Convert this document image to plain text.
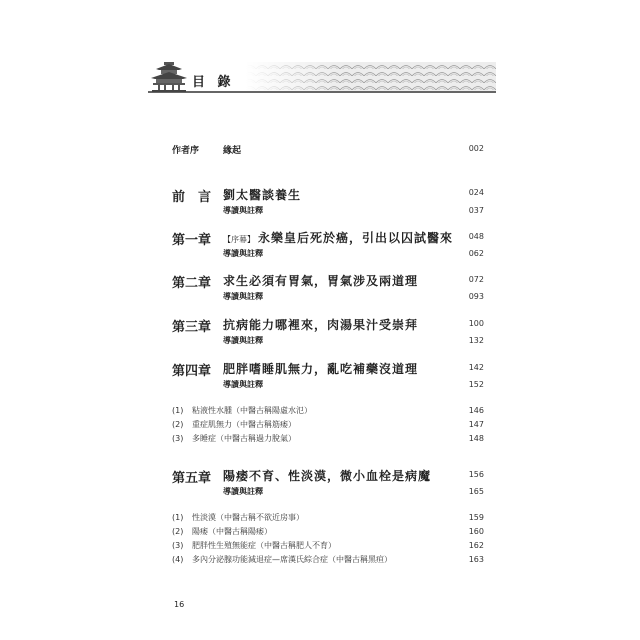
目 錄
作者序	緣起	002
前　言 劉太醫談養生	024
導讀與註釋	037
第一章 【序幕】 永樂皇后死於癌，引出以囚試醫來 048
導讀與註釋	062
第二章 求生必須有胃氣，胃氣涉及兩道理	072
導讀與註釋	093
第三章 抗病能力哪裡來，肉湯果汁受崇拜	100
導讀與註釋	132
第四章 肥胖嗜睡肌無力，亂吃補藥沒道理	142
導讀與註釋	152
(1) 粘液性水腫（中醫古稱陽虛水氾）	146
(2) 重症肌無力（中醫古稱筋痿）	147
(3) 多睡症（中醫古稱過力脫氣）	148
第五章 陽痿不育、性淡漠，微小血栓是病魔	156
導讀與註釋	165
(1) 性淡漠（中醫古稱不欲近房事）	159
(2) 陽痿（中醫古稱陽痿）	160
(3) 肥胖性生殖無能症（中醫古稱肥人不育）	162
(4) 多內分泌腺功能減退症—席漢氏綜合症（中醫古稱黑疸）	163
16
